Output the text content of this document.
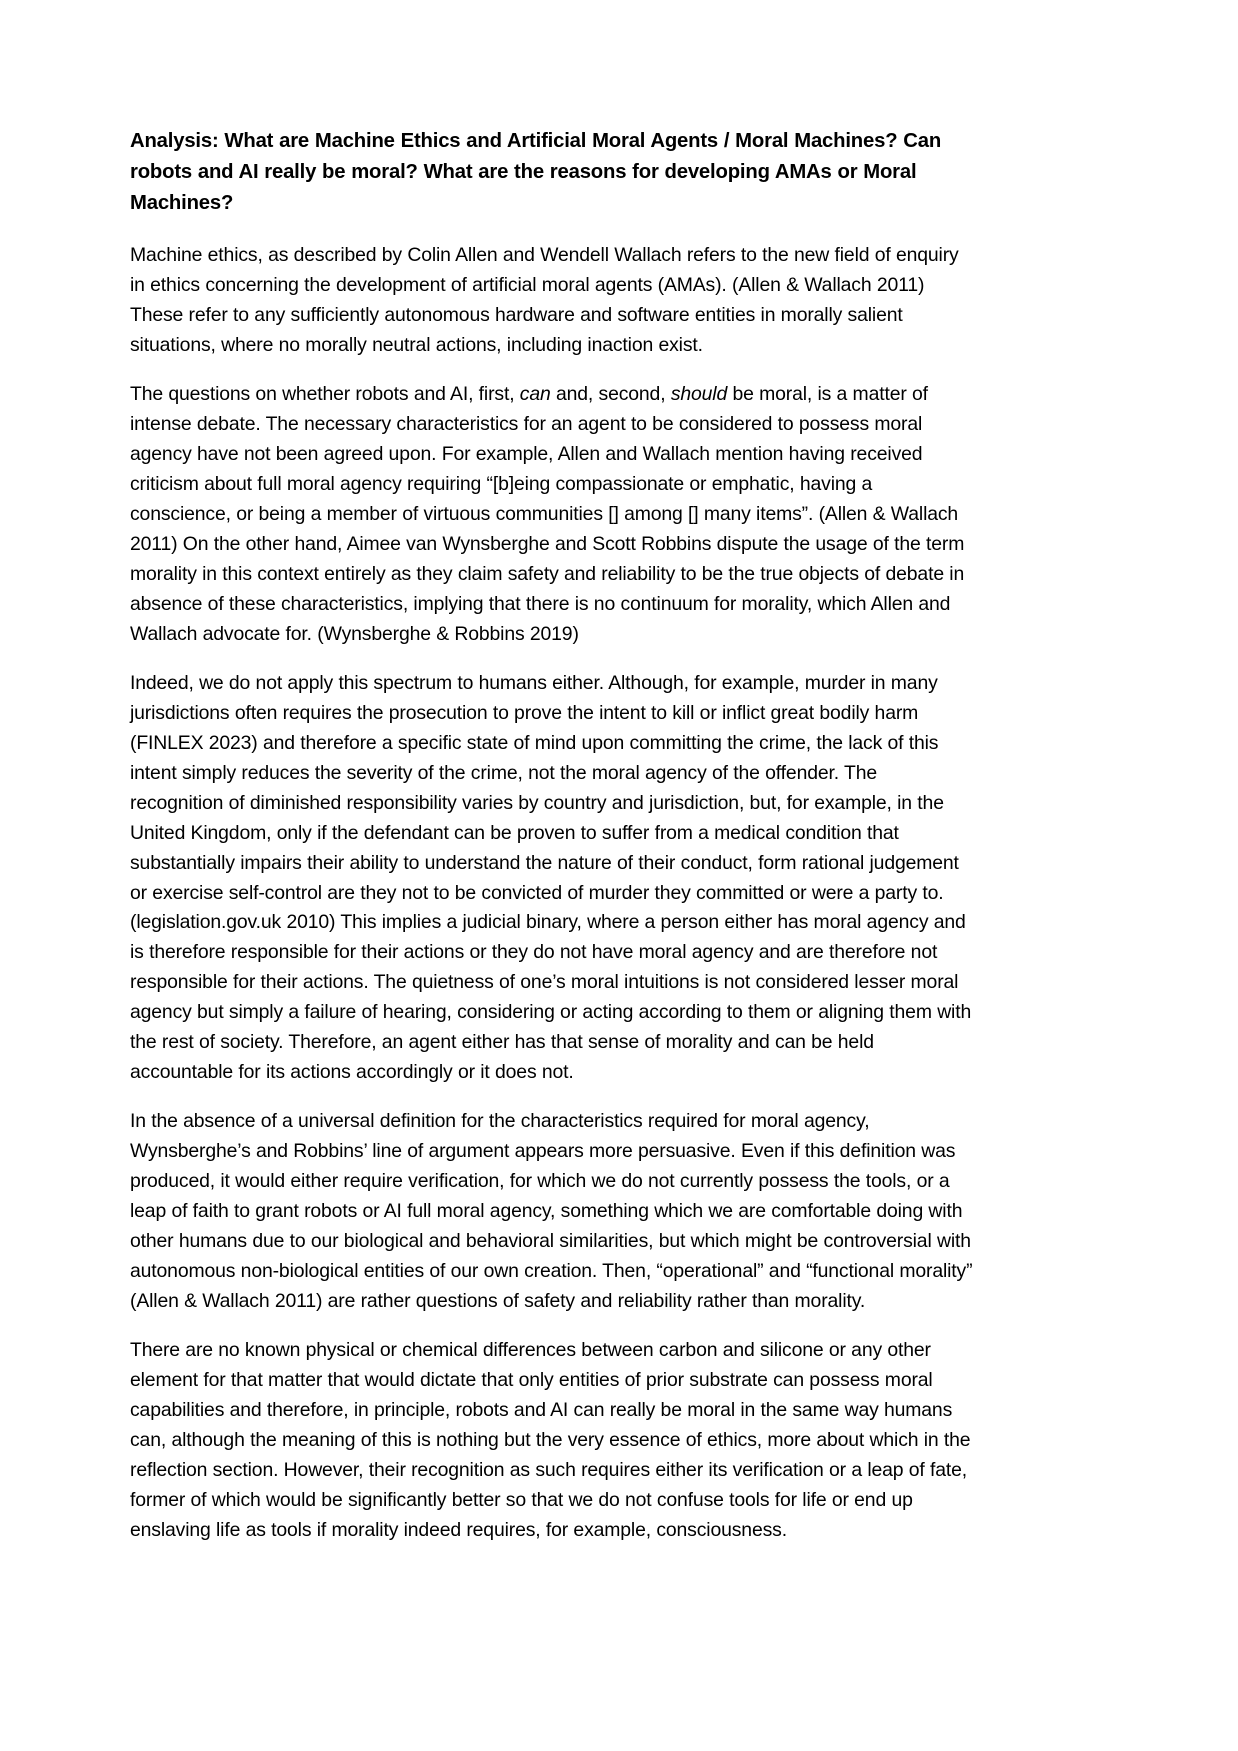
Analysis: What are Machine Ethics and Artificial Moral Agents / Moral Machines? Can robots and AI really be moral? What are the reasons for developing AMAs or Moral Machines?

Machine ethics, as described by Colin Allen and Wendell Wallach refers to the new field of enquiry in ethics concerning the development of artificial moral agents (AMAs). (Allen & Wallach 2011) These refer to any sufficiently autonomous hardware and software entities in morally salient situations, where no morally neutral actions, including inaction exist.

The questions on whether robots and AI, first, can and, second, should be moral, is a matter of intense debate. The necessary characteristics for an agent to be considered to possess moral agency have not been agreed upon. For example, Allen and Wallach mention having received criticism about full moral agency requiring “[b]eing compassionate or emphatic, having a conscience, or being a member of virtuous communities [] among [] many items”. (Allen & Wallach 2011) On the other hand, Aimee van Wynsberghe and Scott Robbins dispute the usage of the term morality in this context entirely as they claim safety and reliability to be the true objects of debate in absence of these characteristics, implying that there is no continuum for morality, which Allen and Wallach advocate for. (Wynsberghe & Robbins 2019)

Indeed, we do not apply this spectrum to humans either. Although, for example, murder in many jurisdictions often requires the prosecution to prove the intent to kill or inflict great bodily harm (FINLEX 2023) and therefore a specific state of mind upon committing the crime, the lack of this intent simply reduces the severity of the crime, not the moral agency of the offender. The recognition of diminished responsibility varies by country and jurisdiction, but, for example, in the United Kingdom, only if the defendant can be proven to suffer from a medical condition that substantially impairs their ability to understand the nature of their conduct, form rational judgement or exercise self-control are they not to be convicted of murder they committed or were a party to. (legislation.gov.uk 2010) This implies a judicial binary, where a person either has moral agency and is therefore responsible for their actions or they do not have moral agency and are therefore not responsible for their actions. The quietness of one’s moral intuitions is not considered lesser moral agency but simply a failure of hearing, considering or acting according to them or aligning them with the rest of society. Therefore, an agent either has that sense of morality and can be held accountable for its actions accordingly or it does not.

In the absence of a universal definition for the characteristics required for moral agency, Wynsberghe’s and Robbins’ line of argument appears more persuasive. Even if this definition was produced, it would either require verification, for which we do not currently possess the tools, or a leap of faith to grant robots or AI full moral agency, something which we are comfortable doing with other humans due to our biological and behavioral similarities, but which might be controversial with autonomous non-biological entities of our own creation. Then, “operational” and “functional morality” (Allen & Wallach 2011) are rather questions of safety and reliability rather than morality.

There are no known physical or chemical differences between carbon and silicone or any other element for that matter that would dictate that only entities of prior substrate can possess moral capabilities and therefore, in principle, robots and AI can really be moral in the same way humans can, although the meaning of this is nothing but the very essence of ethics, more about which in the reflection section. However, their recognition as such requires either its verification or a leap of fate, former of which would be significantly better so that we do not confuse tools for life or end up enslaving life as tools if morality indeed requires, for example, consciousness.
